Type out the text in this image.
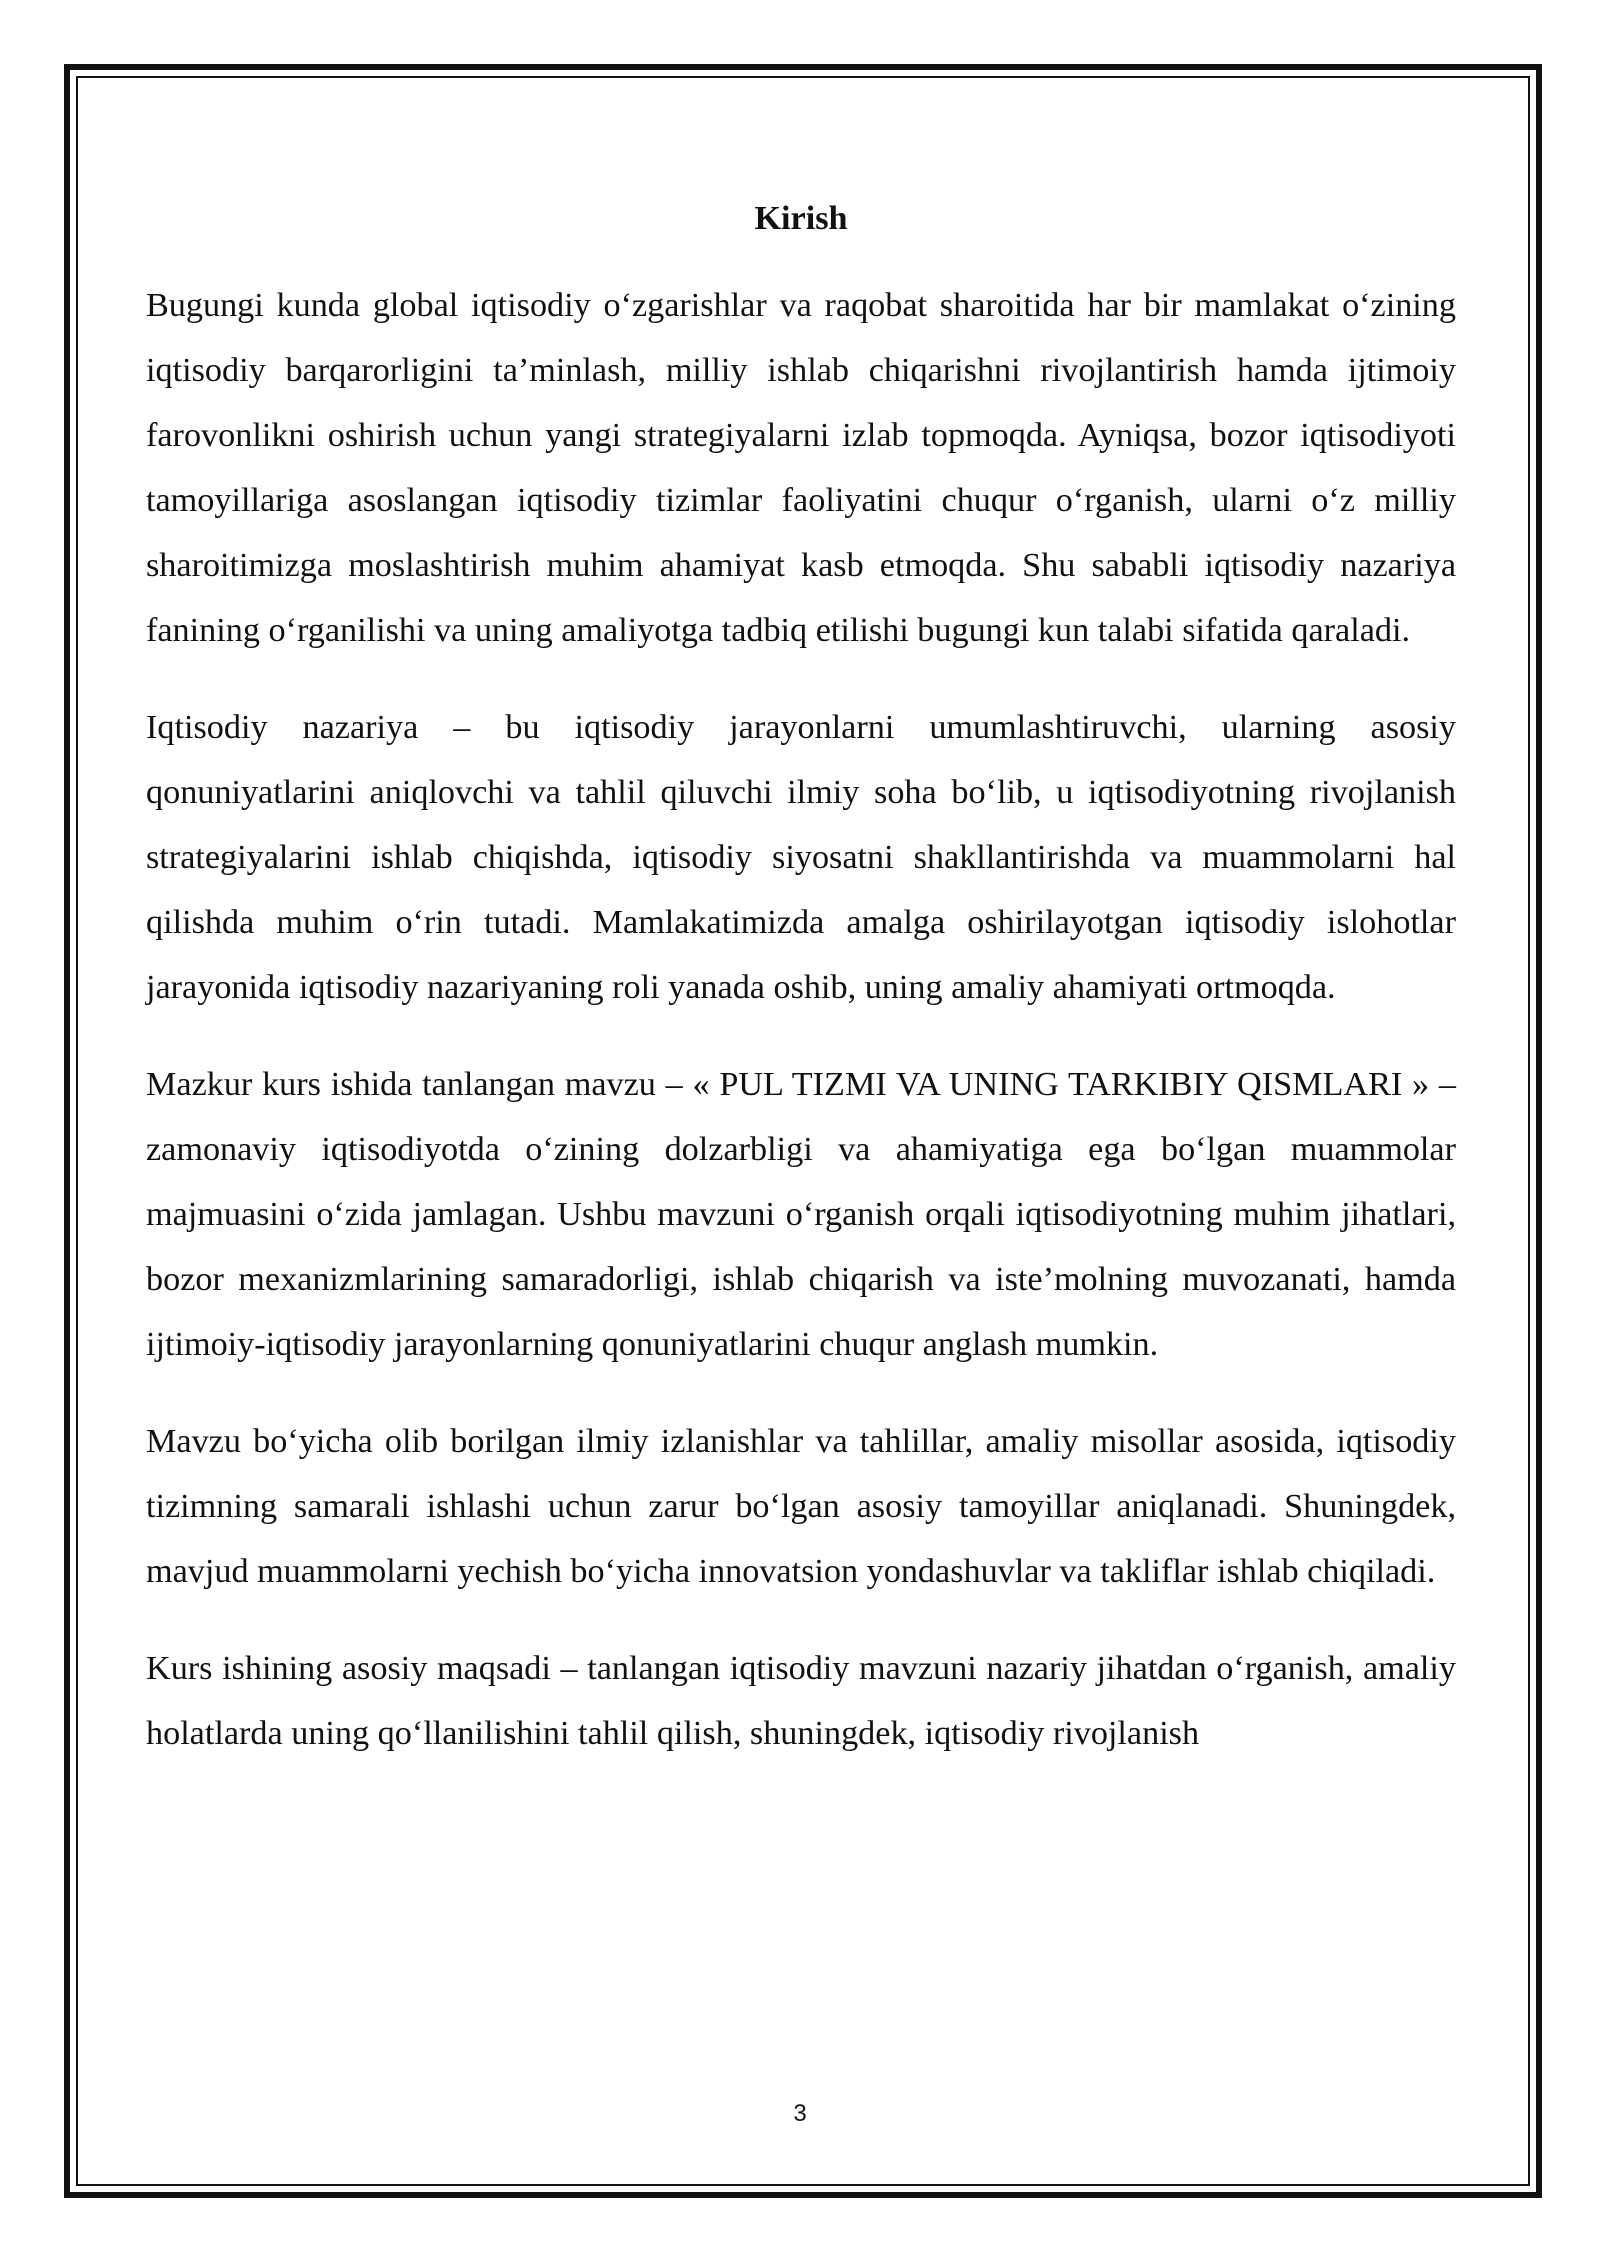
Kirish

Bugungi kunda global iqtisodiy o‘zgarishlar va raqobat sharoitida har bir mamlakat o‘zining iqtisodiy barqarorligini ta’minlash, milliy ishlab chiqarishni rivojlantirish hamda ijtimoiy farovonlikni oshirish uchun yangi strategiyalarni izlab topmoqda. Ayniqsa, bozor iqtisodiyoti tamoyillariga asoslangan iqtisodiy tizimlar faoliyatini chuqur o‘rganish, ularni o‘z milliy sharoitimizga moslashtirish muhim ahamiyat kasb etmoqda. Shu sababli iqtisodiy nazariya fanining o‘rganilishi va uning amaliyotga tadbiq etilishi bugungi kun talabi sifatida qaraladi.

Iqtisodiy nazariya – bu iqtisodiy jarayonlarni umumlashtiruvchi, ularning asosiy qonuniyatlarini aniqlovchi va tahlil qiluvchi ilmiy soha bo‘lib, u iqtisodiyotning rivojlanish strategiyalarini ishlab chiqishda, iqtisodiy siyosatni shakllantirishda va muammolarni hal qilishda muhim o‘rin tutadi. Mamlakatimizda amalga oshirilayotgan iqtisodiy islohotlar jarayonida iqtisodiy nazariyaning roli yanada oshib, uning amaliy ahamiyati ortmoqda.

Mazkur kurs ishida tanlangan mavzu – « PUL TIZMI VA UNING TARKIBIY QISMLARI » – zamonaviy iqtisodiyotda o‘zining dolzarbligi va ahamiyatiga ega bo‘lgan muammolar majmuasini o‘zida jamlagan. Ushbu mavzuni o‘rganish orqali iqtisodiyotning muhim jihatlari, bozor mexanizmlarining samaradorligi, ishlab chiqarish va iste’molning muvozanati, hamda ijtimoiy-iqtisodiy jarayonlarning qonuniyatlarini chuqur anglash mumkin.

Mavzu bo‘yicha olib borilgan ilmiy izlanishlar va tahlillar, amaliy misollar asosida, iqtisodiy tizimning samarali ishlashi uchun zarur bo‘lgan asosiy tamoyillar aniqlanadi. Shuningdek, mavjud muammolarni yechish bo‘yicha innovatsion yondashuvlar va takliflar ishlab chiqiladi.

Kurs ishining asosiy maqsadi – tanlangan iqtisodiy mavzuni nazariy jihatdan o‘rganish, amaliy holatlarda uning qo‘llanilishini tahlil qilish, shuningdek, iqtisodiy rivojlanish

3
